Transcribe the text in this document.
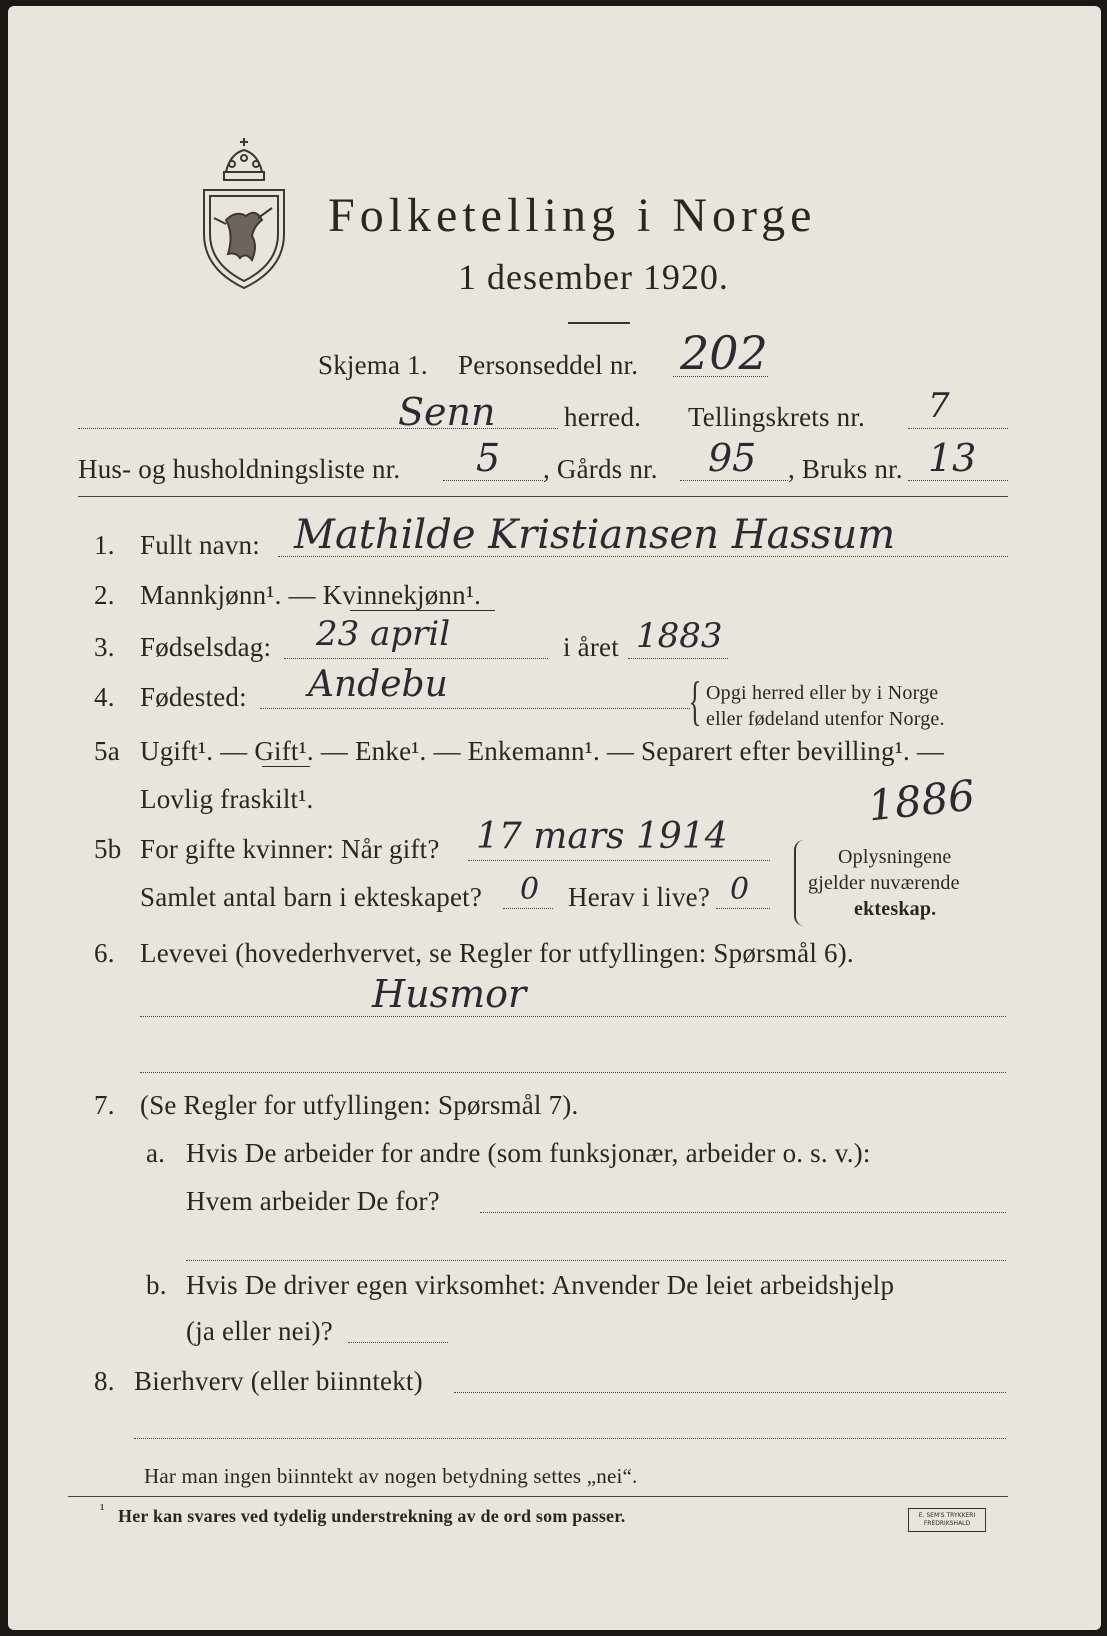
Folketelling i Norge
1 desember 1920.
Skjema 1. Personseddel nr. 202
Senn	herred. Tellingskrets nr. 7
Hus- og husholdningsliste nr. 5 , Gårds nr. 95 , Bruks nr. 13
1. Fullt navn: Mathilde Kristiansen Hassum
2. Mannkjønn¹. — Kvinnekjønn¹.
3. Fødselsdag: 23 april	i året 1883
4. Fødested: Andebu	{ Opgi herred eller by i Norge
eller fødeland utenfor Norge.
5a Ugift¹. — Gift¹. — Enke¹. — Enkemann¹. — Separert efter bevilling¹. —
Lovlig fraskilt¹.	1886
5b For gifte kvinner: Når gift? 17 mars 1914
Samlet antal barn i ekteskapet? 0 Herav i live? 0
Oplysningene
gjelder nuværende
ekteskap.
6. Levevei (hovederhvervet, se Regler for utfyllingen: Spørsmål 6).
Husmor
7. (Se Regler for utfyllingen: Spørsmål 7).
a. Hvis De arbeider for andre (som funksjonær, arbeider o. s. v.):
Hvem arbeider De for?
b. Hvis De driver egen virksomhet: Anvender De leiet arbeidshjelp
(ja eller nei)?
8. Bierhverv (eller biinntekt)
Har man ingen biinntekt av nogen betydning settes „nei“.
¹ Her kan svares ved tydelig understrekning av de ord som passer.	E. SEM'S TRYKKERI
FREDRIKSHALD
